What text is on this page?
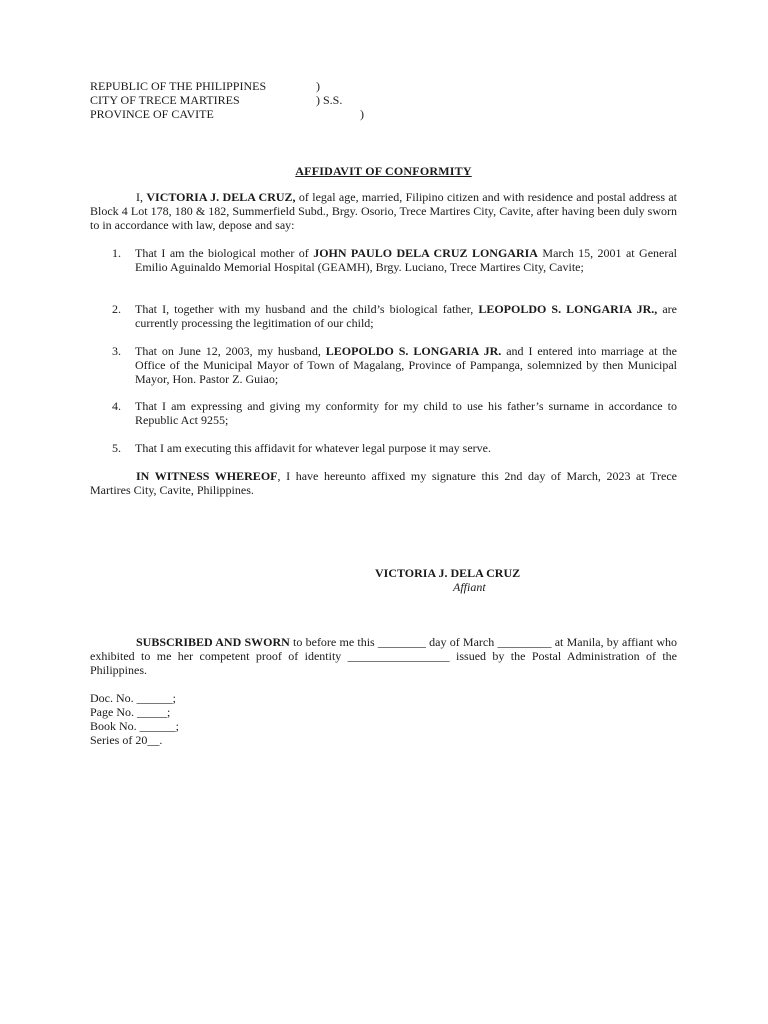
REPUBLIC OF THE PHILIPPINES	)
CITY OF TRECE MARTIRES	) S.S.
PROVINCE OF CAVITE	)
AFFIDAVIT OF CONFORMITY

I, VICTORIA J. DELA CRUZ, of legal age, married, Filipino citizen and with residence and postal address at Block 4 Lot 178, 180 & 182, Summerfield Subd., Brgy. Osorio, Trece Martires City, Cavite, after having been duly sworn to in accordance with law, depose and say:

1. That I am the biological mother of JOHN PAULO DELA CRUZ LONGARIA March 15, 2001 at General Emilio Aguinaldo Memorial Hospital (GEAMH), Brgy. Luciano, Trece Martires City, Cavite;

2. That I, together with my husband and the child’s biological father, LEOPOLDO S. LONGARIA JR., are currently processing the legitimation of our child;

3. That on June 12, 2003, my husband, LEOPOLDO S. LONGARIA JR. and I entered into marriage at the Office of the Municipal Mayor of Town of Magalang, Province of Pampanga, solemnized by then Municipal Mayor, Hon. Pastor Z. Guiao;

4. That I am expressing and giving my conformity for my child to use his father’s surname in accordance to Republic Act 9255;

5. That I am executing this affidavit for whatever legal purpose it may serve.

IN WITNESS WHEREOF, I have hereunto affixed my signature this 2nd day of March, 2023 at Trece Martires City, Cavite, Philippines.

VICTORIA J. DELA CRUZ
Affiant

SUBSCRIBED AND SWORN to before me this ________ day of March _________ at Manila, by affiant who exhibited to me her competent proof of identity _________________ issued by the Postal Administration of the Philippines.

Doc. No. ______;
Page No. _____;
Book No. ______;
Series of 20__.
